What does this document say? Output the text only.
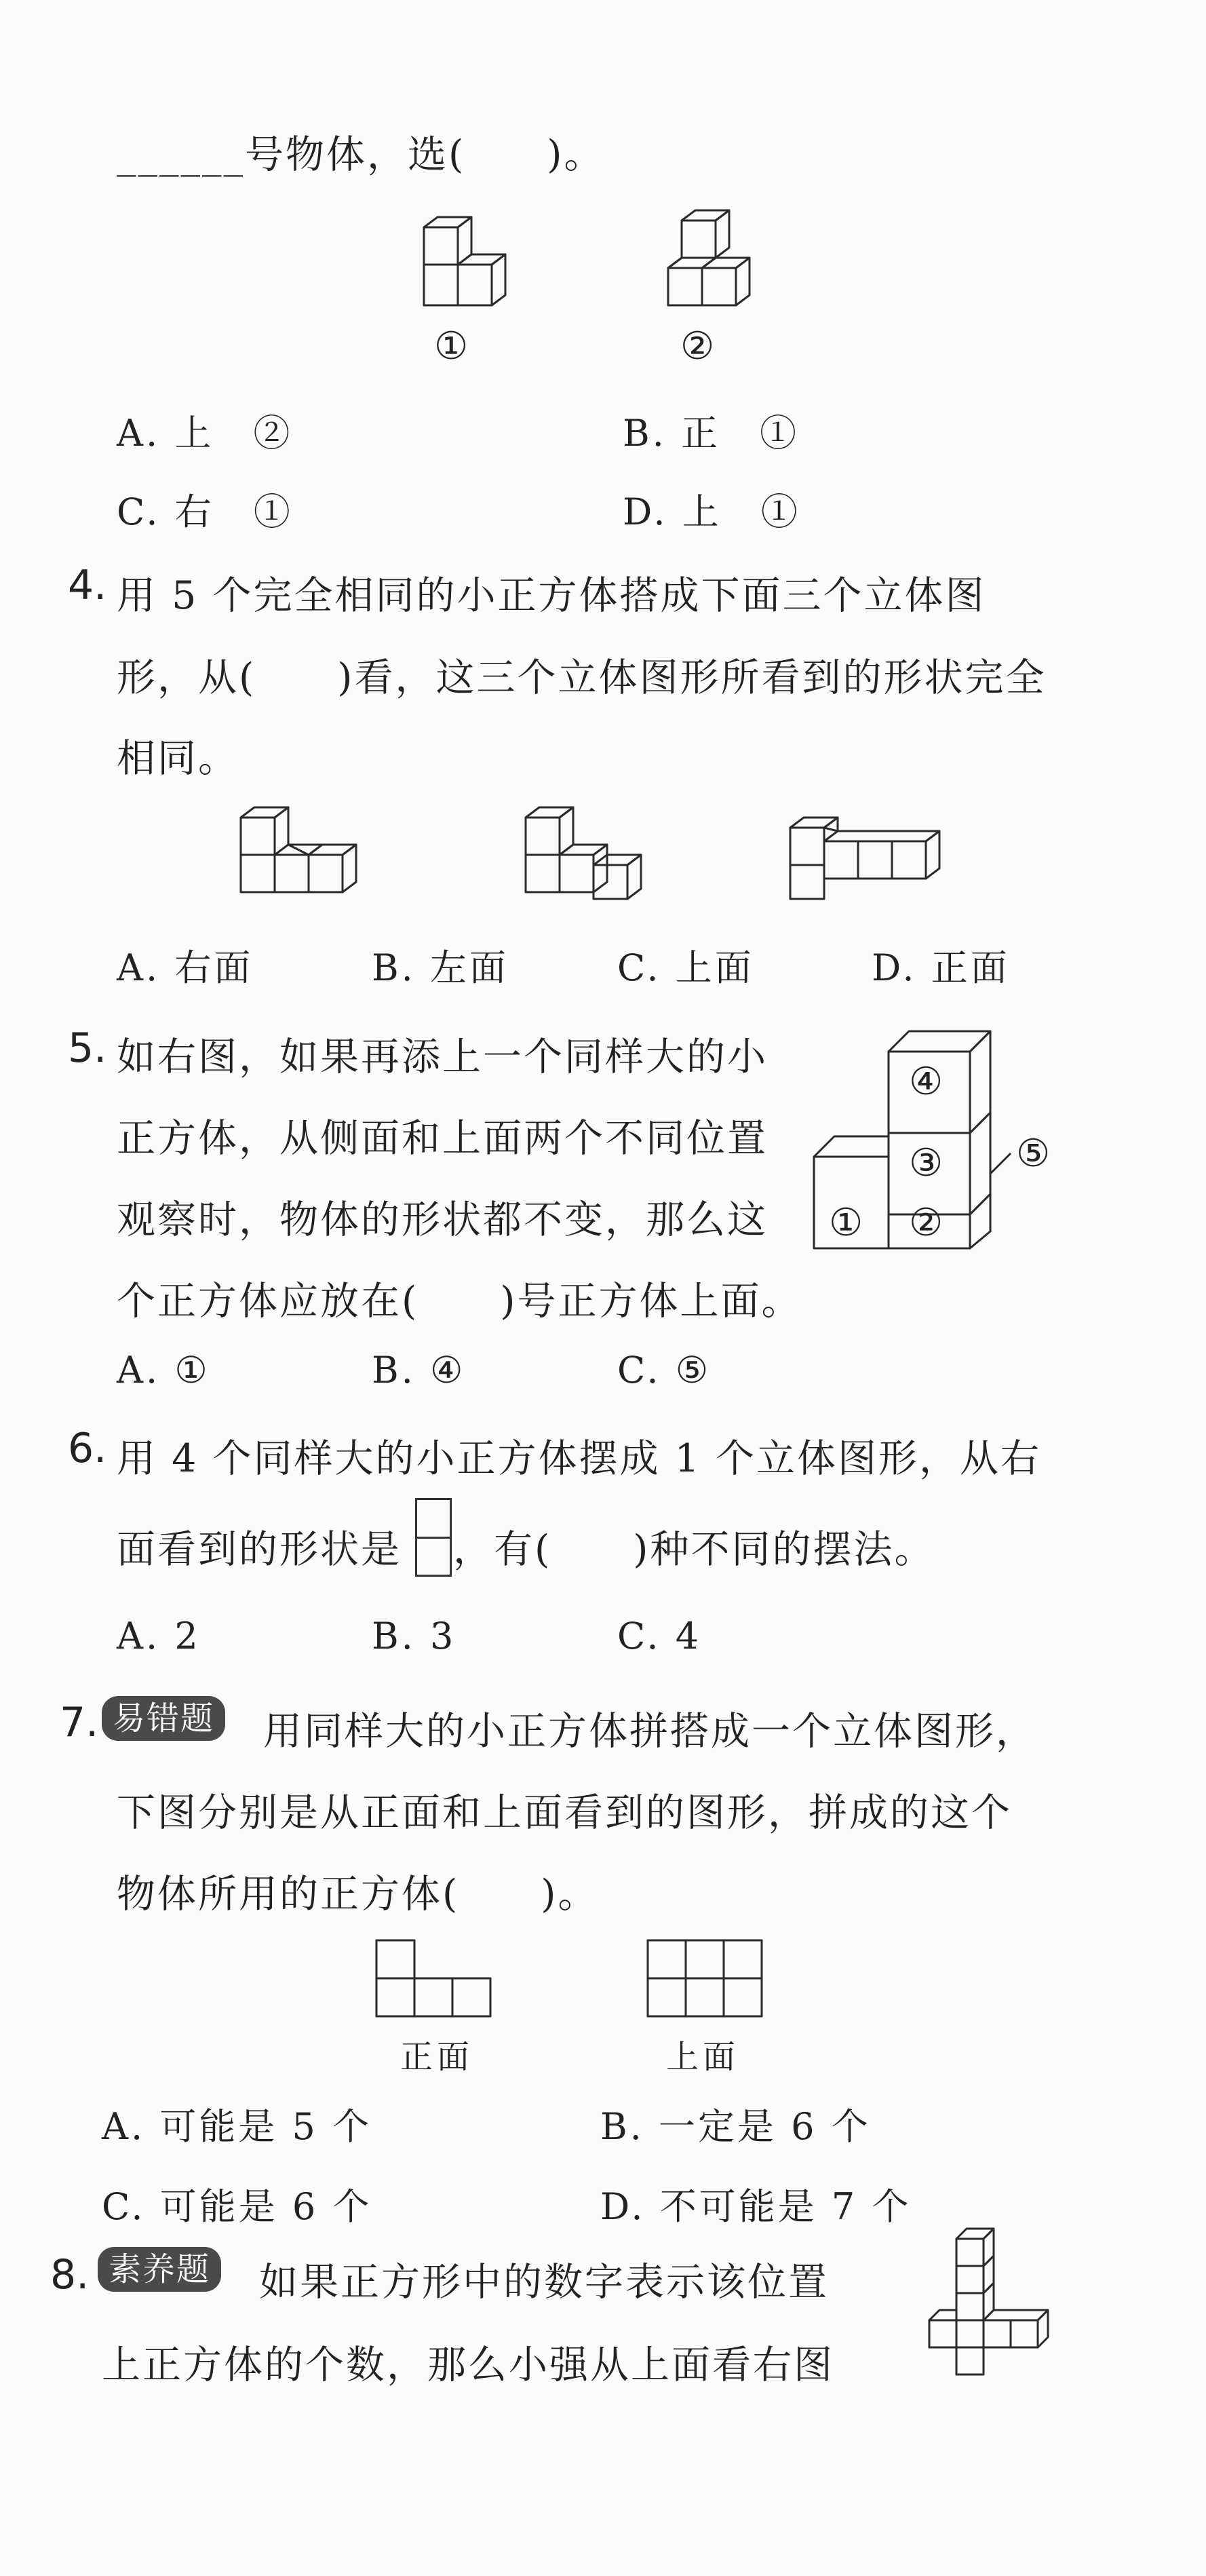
______号物体，选(　　)。
①	②
A. 上　②	B. 正　①
C. 右　①	D. 上　①
4. 用 5 个完全相同的小正方体搭成下面三个立体图
形，从(　　)看，这三个立体图形所看到的形状完全
相同。
A. 右面	B. 左面	C. 上面	D. 正面
5. 如右图，如果再添上一个同样大的小
正方体，从侧面和上面两个不同位置
观察时，物体的形状都不变，那么这
个正方体应放在(　　)号正方体上面。
④
③
① ②
⑤
A. ①	B. ④	C. ⑤
6. 用 4 个同样大的小正方体摆成 1 个立体图形，从右
面看到的形状是 ，有(　　)种不同的摆法。
A. 2	B. 3	C. 4
7. 易错题 用同样大的小正方体拼搭成一个立体图形，
下图分别是从正面和上面看到的图形，拼成的这个
物体所用的正方体(　　)。
正面	上面
A. 可能是 5 个	B. 一定是 6 个
C. 可能是 6 个	D. 不可能是 7 个
8. 素养题 如果正方形中的数字表示该位置
上正方体的个数，那么小强从上面看右图
